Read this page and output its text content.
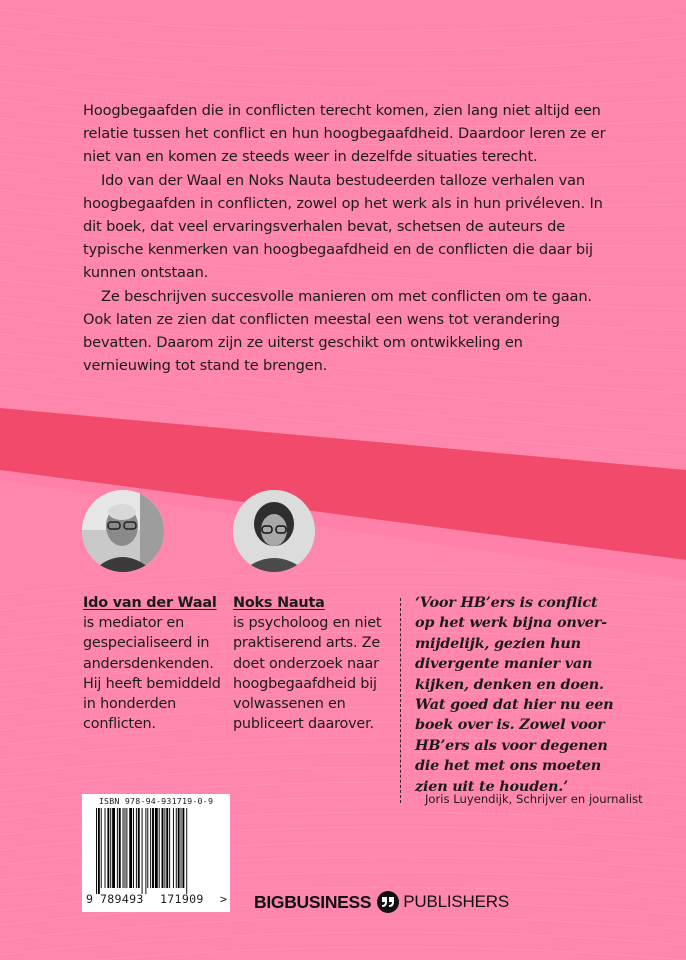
Hoogbegaafden die in conflicten terecht komen, zien lang niet altijd een relatie tussen het conflict en hun hoogbegaafdheid. Daardoor leren ze er niet van en komen ze steeds weer in dezelfde situaties terecht.

Ido van der Waal en Noks Nauta bestudeerden talloze verhalen van hoogbegaafden in conflicten, zowel op het werk als in hun privéleven. In dit boek, dat veel ervaringsverhalen bevat, schetsen de auteurs de typische kenmerken van hoogbegaafdheid en de conflicten die daar bij kunnen ontstaan.

Ze beschrijven succesvolle manieren om met conflicten om te gaan. Ook laten ze zien dat conflicten meestal een wens tot verandering bevatten. Daarom zijn ze uiterst geschikt om ontwikkeling en vernieuwing tot stand te brengen.

Ido van der Waal
is mediator en gespecialiseerd in andersdenkenden. Hij heeft bemiddeld in honderden conflicten.
Noks Nauta
is psycholoog en niet praktiserend arts. Ze doet onderzoek naar hoogbegaafdheid bij volwassenen en publiceert daarover.
‘Voor HB’ers is conflict
op het werk bijna onver-
mijdelijk, gezien hun
divergente manier van
kijken, denken en doen.
Wat goed dat hier nu een
boek over is. Zowel voor
HB’ers als voor degenen
die het met ons moeten
zien uit te houden.’
Joris Luyendijk, Schrijver en journalist
ISBN 978-94-931719-0-9
9 789493 171909 > BIGBUSINESS PUBLISHERS
